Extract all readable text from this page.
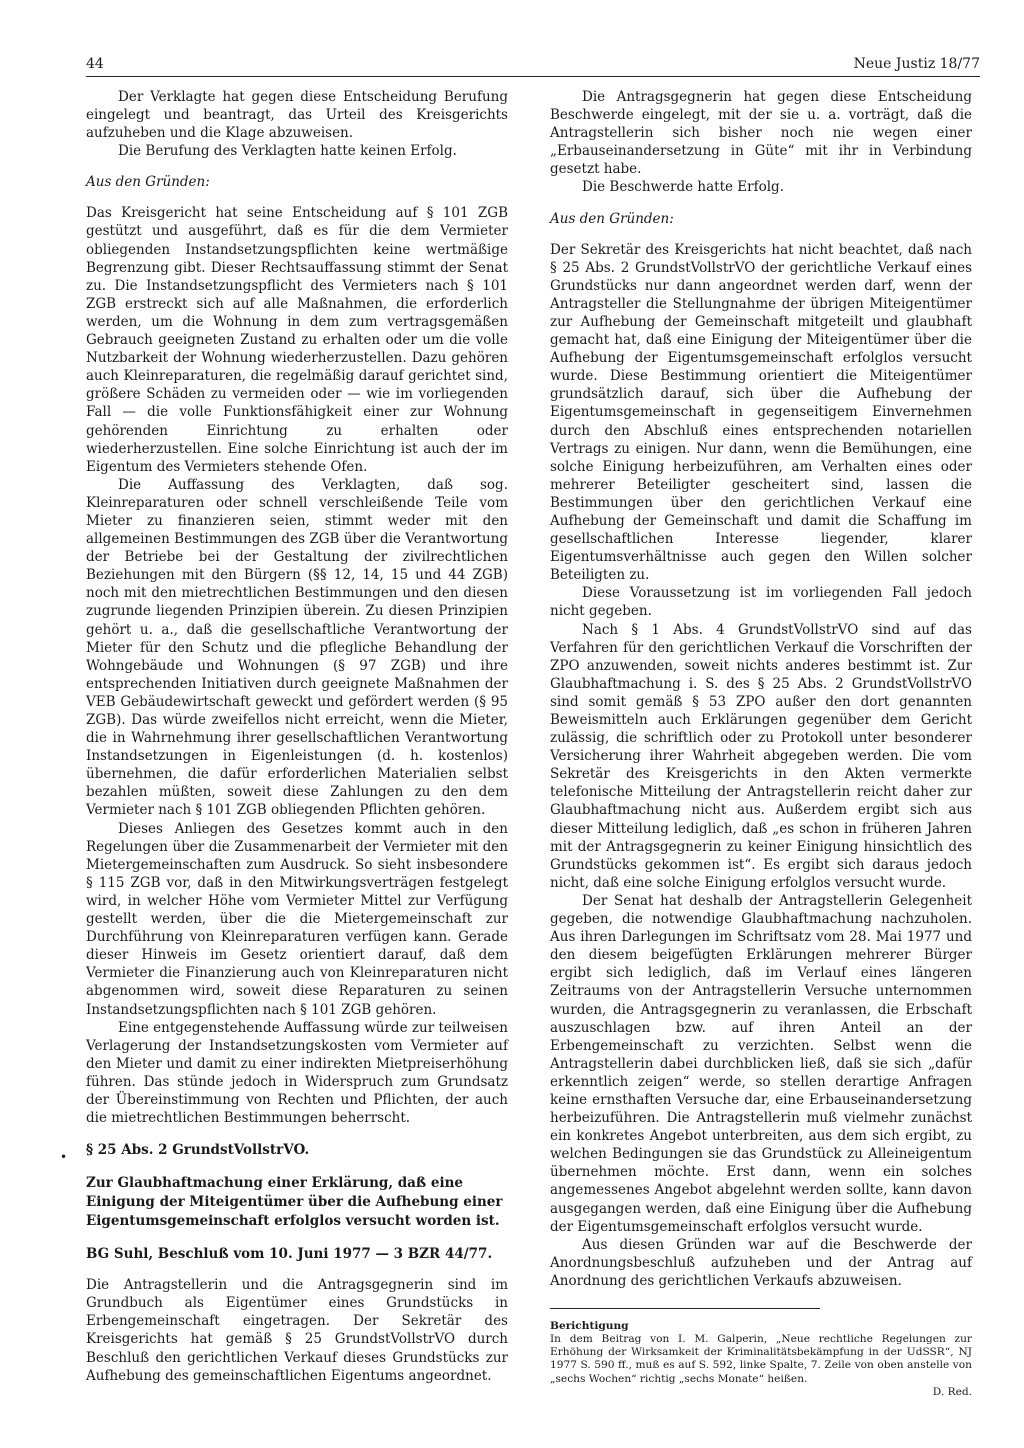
44	Neue Justiz 18/77

Der Verklagte hat gegen diese Entscheidung Berufung eingelegt und beantragt, das Urteil des Kreisgerichts aufzuheben und die Klage abzuweisen.

Die Berufung des Verklagten hatte keinen Erfolg.

Aus den Gründen:

Das Kreisgericht hat seine Entscheidung auf § 101 ZGB gestützt und ausgeführt, daß es für die dem Vermieter obliegenden Instandsetzungspflichten keine wertmäßige Begrenzung gibt. Dieser Rechtsauffassung stimmt der Senat zu. Die Instandsetzungspflicht des Vermieters nach § 101 ZGB erstreckt sich auf alle Maßnahmen, die erforderlich werden, um die Wohnung in dem zum vertragsgemäßen Gebrauch geeigneten Zustand zu erhalten oder um die volle Nutzbarkeit der Wohnung wiederherzustellen. Dazu gehören auch Kleinreparaturen, die regelmäßig darauf gerichtet sind, größere Schäden zu vermeiden oder — wie im vorliegenden Fall — die volle Funktionsfähigkeit einer zur Wohnung gehörenden Einrichtung zu erhalten oder wiederherzustellen. Eine solche Einrichtung ist auch der im Eigentum des Vermieters stehende Ofen.

Die Auffassung des Verklagten, daß sog. Kleinreparaturen oder schnell verschleißende Teile vom Mieter zu finanzieren seien, stimmt weder mit den allgemeinen Bestimmungen des ZGB über die Verantwortung der Betriebe bei der Gestaltung der zivilrechtlichen Beziehungen mit den Bürgern (§§ 12, 14, 15 und 44 ZGB) noch mit den mietrechtlichen Bestimmungen und den diesen zugrunde liegenden Prinzipien überein. Zu diesen Prinzipien gehört u. a., daß die gesellschaftliche Verantwortung der Mieter für den Schutz und die pflegliche Behandlung der Wohngebäude und Wohnungen (§ 97 ZGB) und ihre entsprechenden Initiativen durch geeignete Maßnahmen der VEB Gebäudewirtschaft geweckt und gefördert werden (§ 95 ZGB). Das würde zweifellos nicht erreicht, wenn die Mieter, die in Wahrnehmung ihrer gesellschaftlichen Verantwortung Instandsetzungen in Eigenleistungen (d. h. kostenlos) übernehmen, die dafür erforderlichen Materialien selbst bezahlen müßten, soweit diese Zahlungen zu den dem Vermieter nach § 101 ZGB obliegenden Pflichten gehören.

Dieses Anliegen des Gesetzes kommt auch in den Regelungen über die Zusammenarbeit der Vermieter mit den Mietergemeinschaften zum Ausdruck. So sieht insbesondere § 115 ZGB vor, daß in den Mitwirkungsverträgen festgelegt wird, in welcher Höhe vom Vermieter Mittel zur Verfügung gestellt werden, über die die Mietergemeinschaft zur Durchführung von Kleinreparaturen verfügen kann. Gerade dieser Hinweis im Gesetz orientiert darauf, daß dem Vermieter die Finanzierung auch von Kleinreparaturen nicht abgenommen wird, soweit diese Reparaturen zu seinen Instandsetzungspflichten nach § 101 ZGB gehören.

Eine entgegenstehende Auffassung würde zur teilweisen Verlagerung der Instandsetzungskosten vom Vermieter auf den Mieter und damit zu einer indirekten Mietpreiserhöhung führen. Das stünde jedoch in Widerspruch zum Grundsatz der Übereinstimmung von Rechten und Pflichten, der auch die mietrechtlichen Bestimmungen beherrscht.

§ 25 Abs. 2 GrundstVollstrVO.
Zur Glaubhaftmachung einer Erklärung, daß eine Einigung der Miteigentümer über die Aufhebung einer Eigentumsgemeinschaft erfolglos versucht worden ist.
BG Suhl, Beschluß vom 10. Juni 1977 — 3 BZR 44/77.

Die Antragstellerin und die Antragsgegnerin sind im Grundbuch als Eigentümer eines Grundstücks in Erbengemeinschaft eingetragen. Der Sekretär des Kreisgerichts hat gemäß § 25 GrundstVollstrVO durch Beschluß den gerichtlichen Verkauf dieses Grundstücks zur Aufhebung des gemeinschaftlichen Eigentums angeordnet.

•

Die Antragsgegnerin hat gegen diese Entscheidung Beschwerde eingelegt, mit der sie u. a. vorträgt, daß die Antragstellerin sich bisher noch nie wegen einer „Erbauseinandersetzung in Güte“ mit ihr in Verbindung gesetzt habe.

Die Beschwerde hatte Erfolg.

Aus den Gründen:

Der Sekretär des Kreisgerichts hat nicht beachtet, daß nach § 25 Abs. 2 GrundstVollstrVO der gerichtliche Verkauf eines Grundstücks nur dann angeordnet werden darf, wenn der Antragsteller die Stellungnahme der übrigen Miteigentümer zur Aufhebung der Gemeinschaft mitgeteilt und glaubhaft gemacht hat, daß eine Einigung der Miteigentümer über die Aufhebung der Eigentumsgemeinschaft erfolglos versucht wurde. Diese Bestimmung orientiert die Miteigentümer grundsätzlich darauf, sich über die Aufhebung der Eigentumsgemeinschaft in gegenseitigem Einvernehmen durch den Abschluß eines entsprechenden notariellen Vertrags zu einigen. Nur dann, wenn die Bemühungen, eine solche Einigung herbeizuführen, am Verhalten eines oder mehrerer Beteiligter gescheitert sind, lassen die Bestimmungen über den gerichtlichen Verkauf eine Aufhebung der Gemeinschaft und damit die Schaffung im gesellschaftlichen Interesse liegender, klarer Eigentumsverhältnisse auch gegen den Willen solcher Beteiligten zu.

Diese Voraussetzung ist im vorliegenden Fall jedoch nicht gegeben.

Nach § 1 Abs. 4 GrundstVollstrVO sind auf das Verfahren für den gerichtlichen Verkauf die Vorschriften der ZPO anzuwenden, soweit nichts anderes bestimmt ist. Zur Glaubhaftmachung i. S. des § 25 Abs. 2 GrundstVollstrVO sind somit gemäß § 53 ZPO außer den dort genannten Beweismitteln auch Erklärungen gegenüber dem Gericht zulässig, die schriftlich oder zu Protokoll unter besonderer Versicherung ihrer Wahrheit abgegeben werden. Die vom Sekretär des Kreisgerichts in den Akten vermerkte telefonische Mitteilung der Antragstellerin reicht daher zur Glaubhaftmachung nicht aus. Außerdem ergibt sich aus dieser Mitteilung lediglich, daß „es schon in früheren Jahren mit der Antragsgegnerin zu keiner Einigung hinsichtlich des Grundstücks gekommen ist“. Es ergibt sich daraus jedoch nicht, daß eine solche Einigung erfolglos versucht wurde.

Der Senat hat deshalb der Antragstellerin Gelegenheit gegeben, die notwendige Glaubhaftmachung nachzuholen. Aus ihren Darlegungen im Schriftsatz vom 28. Mai 1977 und den diesem beigefügten Erklärungen mehrerer Bürger ergibt sich lediglich, daß im Verlauf eines längeren Zeitraums von der Antragstellerin Versuche unternommen wurden, die Antragsgegnerin zu veranlassen, die Erbschaft auszuschlagen bzw. auf ihren Anteil an der Erbengemeinschaft zu verzichten. Selbst wenn die Antragstellerin dabei durchblicken ließ, daß sie sich „dafür erkenntlich zeigen“ werde, so stellen derartige Anfragen keine ernsthaften Versuche dar, eine Erbauseinandersetzung herbeizuführen. Die Antragstellerin muß vielmehr zunächst ein konkretes Angebot unterbreiten, aus dem sich ergibt, zu welchen Bedingungen sie das Grundstück zu Alleineigentum übernehmen möchte. Erst dann, wenn ein solches angemessenes Angebot abgelehnt werden sollte, kann davon ausgegangen werden, daß eine Einigung über die Aufhebung der Eigentumsgemeinschaft erfolglos versucht wurde.

Aus diesen Gründen war auf die Beschwerde der Anordnungsbeschluß aufzuheben und der Antrag auf Anordnung des gerichtlichen Verkaufs abzuweisen.

Berichtigung

In dem Beitrag von I. M. Galperin, „Neue rechtliche Regelungen zur Erhöhung der Wirksamkeit der Kriminalitätsbekämpfung in der UdSSR“, NJ 1977 S. 590 ff., muß es auf S. 592, linke Spalte, 7. Zeile von oben anstelle von „sechs Wochen“ richtig „sechs Monate“ heißen.

D. Red.
